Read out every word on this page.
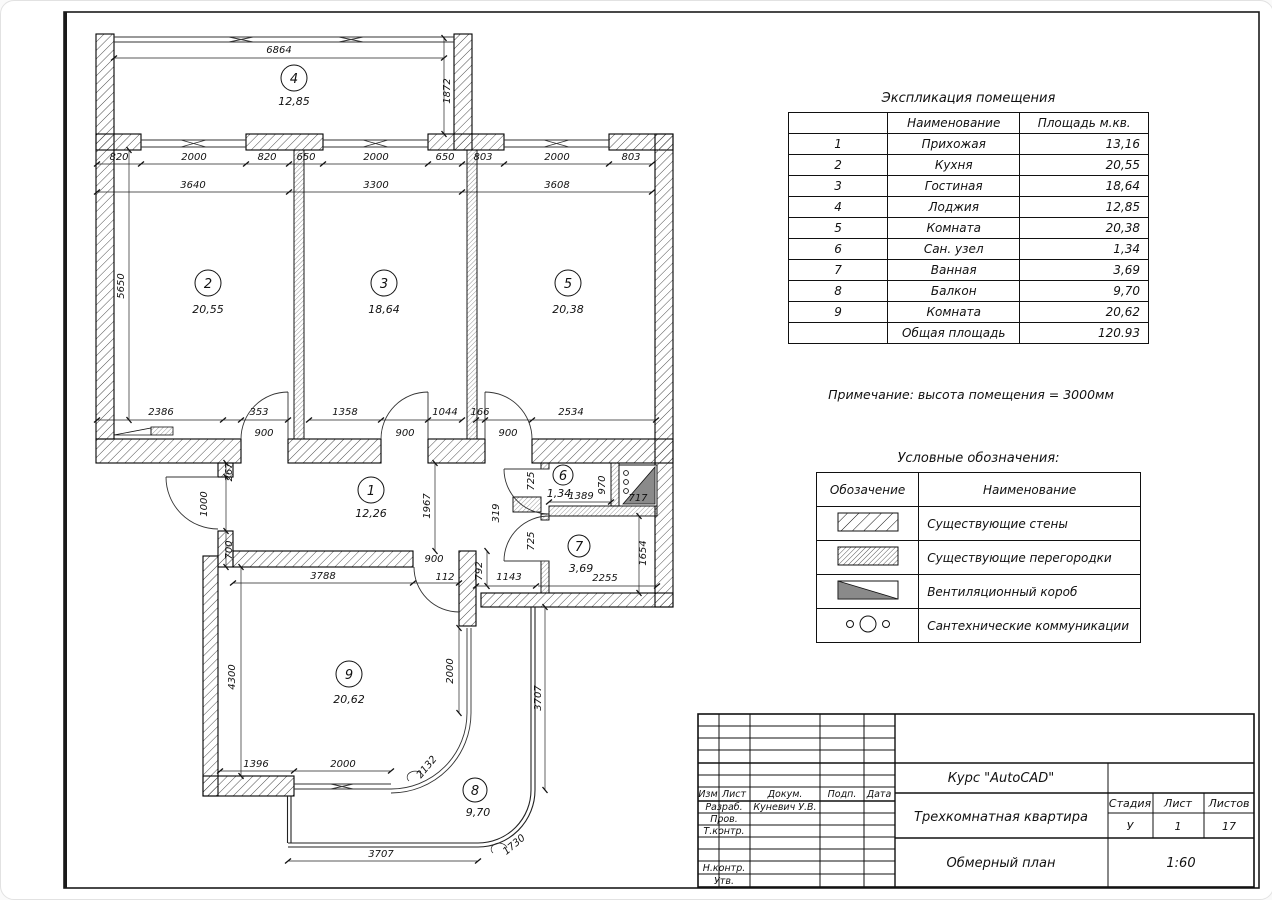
6864
1872
820	2000	820 650	2000	650 803	2000	803
3640	3300	3608
5650
2386	353
900
1358	1044
900
166	2534
900
267
1000
700
1967
3788
900
112 792 1143
725
319
725
1389
970
717
1654
2255
4300
1396	2000	2132
2000
3707
3707
1730
1
12,26
2
20,55
3
18,64
4
12,85
5
20,38
6
1,34
7
3,69
8
9,70
9
20,62
Изм Лист Докум.	Подп. Дата
Разраб. Куневич У.В.
Пров.
Т.контр.
Н.контр.
Утв.
Курс "AutoCAD"
Трехкомнатная квартира
Обмерный план
Стадия Лист Листов
У	1	17
1:60
Экспликация помещения
	Наименование	Площадь м.кв.
1	Прихожая	13,16
2	Кухня	20,55
3	Гостиная	18,64
4	Лоджия	12,85
5	Комната	20,38
6	Сан. узел	1,34
7	Ванная	3,69
8	Балкон	9,70
9	Комната	20,62
	Общая площадь	120.93
Примечание: высота помещения = 3000мм
Условные обозначения:
Обозачение	Наименование
	Существующие стены
	Существующие перегородки
	Вентиляционный короб
	Сантехнические коммуникации
